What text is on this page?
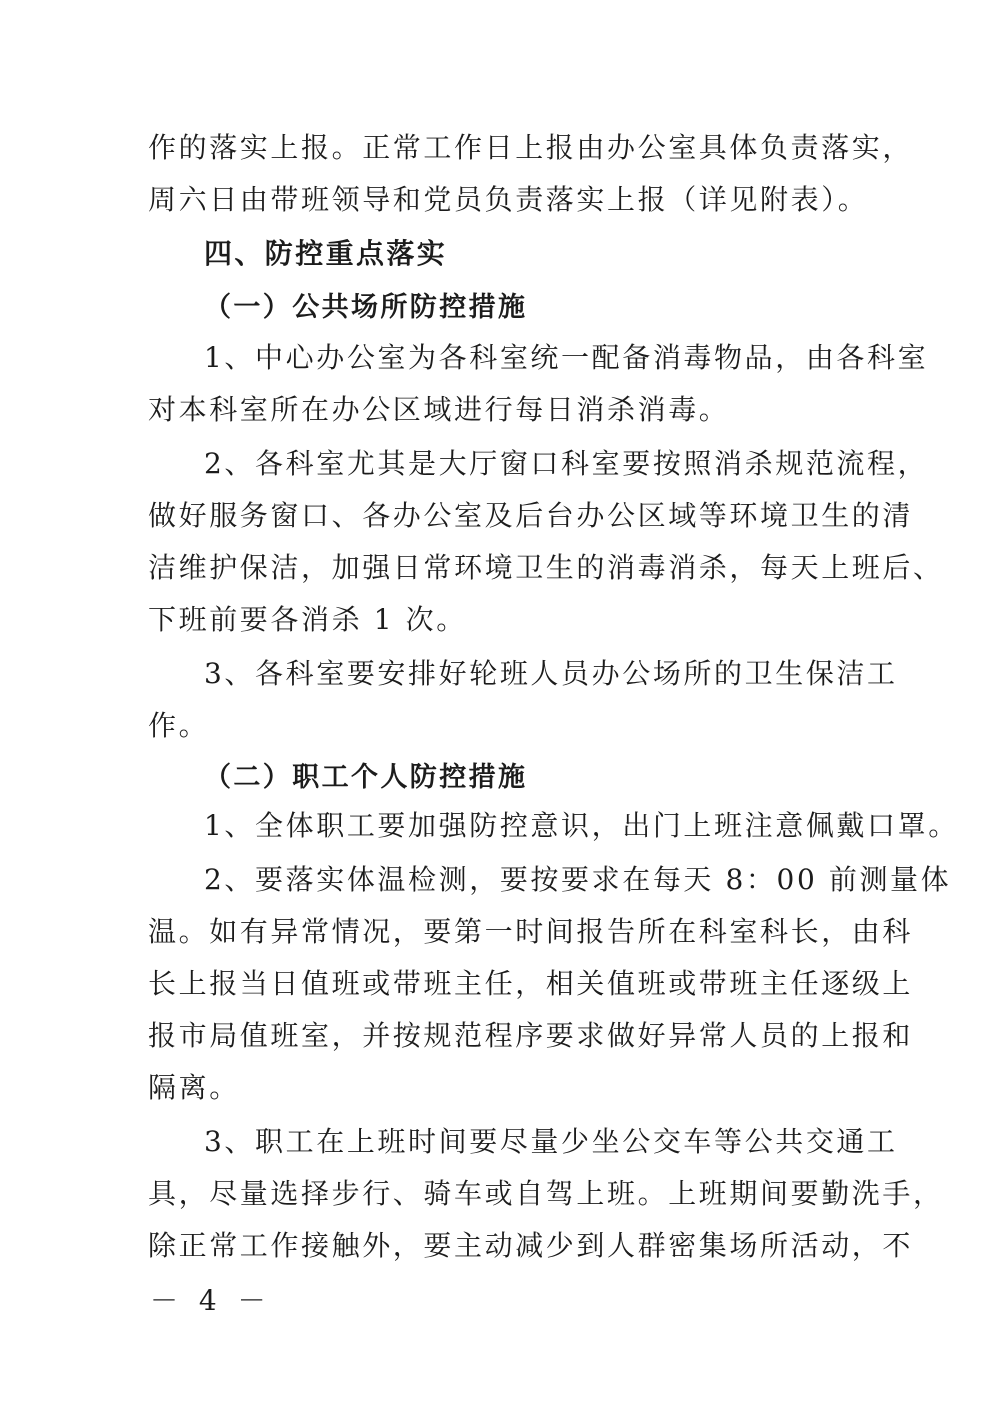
作的落实上报。正常工作日上报由办公室具体负责落实，
周六日由带班领导和党员负责落实上报（详见附表）。
四、防控重点落实
（一）公共场所防控措施
1、中心办公室为各科室统一配备消毒物品，由各科室
对本科室所在办公区域进行每日消杀消毒。
2、各科室尤其是大厅窗口科室要按照消杀规范流程，
做好服务窗口、各办公室及后台办公区域等环境卫生的清
洁维护保洁，加强日常环境卫生的消毒消杀，每天上班后、
下班前要各消杀 1 次。
3、各科室要安排好轮班人员办公场所的卫生保洁工
作。
（二）职工个人防控措施
1、全体职工要加强防控意识，出门上班注意佩戴口罩。
2、要落实体温检测，要按要求在每天 8：00 前测量体
温。如有异常情况，要第一时间报告所在科室科长，由科
长上报当日值班或带班主任，相关值班或带班主任逐级上
报市局值班室，并按规范程序要求做好异常人员的上报和
隔离。
3、职工在上班时间要尽量少坐公交车等公共交通工
具，尽量选择步行、骑车或自驾上班。上班期间要勤洗手，
除正常工作接触外，要主动减少到人群密集场所活动，不
－ 4 －
